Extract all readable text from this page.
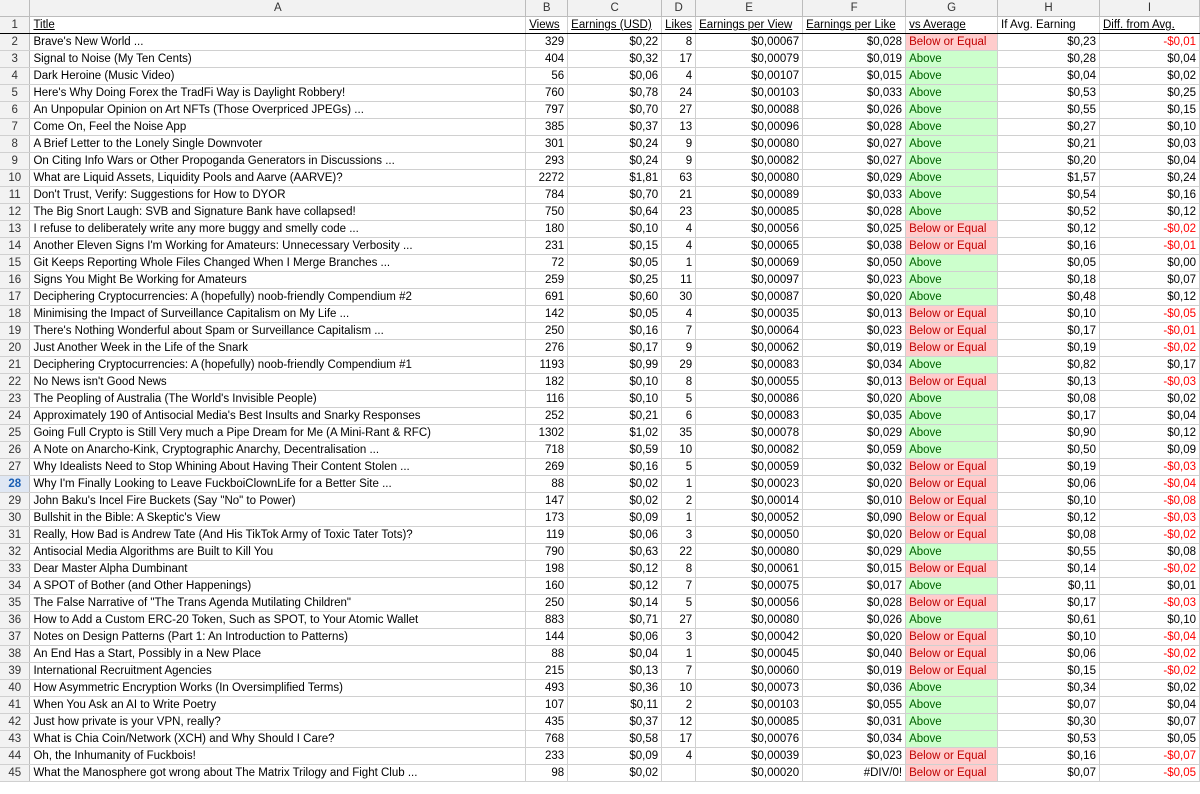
	A	B	C	D	E	F	G	H	I
1	Title	Views	Earnings (USD)	Likes	Earnings per View	Earnings per Like	vs Average	If Avg. Earning	Diff. from Avg.
2	Brave's New World ...	329	$0,22	8	$0,00067	$0,028	Below or Equal	$0,23	-$0,01
3	Signal to Noise (My Ten Cents)	404	$0,32	17	$0,00079	$0,019	Above	$0,28	$0,04
4	Dark Heroine (Music Video)	56	$0,06	4	$0,00107	$0,015	Above	$0,04	$0,02
5	Here's Why Doing Forex the TradFi Way is Daylight Robbery!	760	$0,78	24	$0,00103	$0,033	Above	$0,53	$0,25
6	An Unpopular Opinion on Art NFTs (Those Overpriced JPEGs) ...	797	$0,70	27	$0,00088	$0,026	Above	$0,55	$0,15
7	Come On, Feel the Noise App	385	$0,37	13	$0,00096	$0,028	Above	$0,27	$0,10
8	A Brief Letter to the Lonely Single Downvoter	301	$0,24	9	$0,00080	$0,027	Above	$0,21	$0,03
9	On Citing Info Wars or Other Propoganda Generators in Discussions ...	293	$0,24	9	$0,00082	$0,027	Above	$0,20	$0,04
10	What are Liquid Assets, Liquidity Pools and Aarve (AARVE)?	2272	$1,81	63	$0,00080	$0,029	Above	$1,57	$0,24
11	Don't Trust, Verify: Suggestions for How to DYOR	784	$0,70	21	$0,00089	$0,033	Above	$0,54	$0,16
12	The Big Snort Laugh: SVB and Signature Bank have collapsed!	750	$0,64	23	$0,00085	$0,028	Above	$0,52	$0,12
13	I refuse to deliberately write any more buggy and smelly code ...	180	$0,10	4	$0,00056	$0,025	Below or Equal	$0,12	-$0,02
14	Another Eleven Signs I'm Working for Amateurs: Unnecessary Verbosity ...	231	$0,15	4	$0,00065	$0,038	Below or Equal	$0,16	-$0,01
15	Git Keeps Reporting Whole Files Changed When I Merge Branches ...	72	$0,05	1	$0,00069	$0,050	Above	$0,05	$0,00
16	Signs You Might Be Working for Amateurs	259	$0,25	11	$0,00097	$0,023	Above	$0,18	$0,07
17	Deciphering Cryptocurrencies: A (hopefully) noob-friendly Compendium #2	691	$0,60	30	$0,00087	$0,020	Above	$0,48	$0,12
18	Minimising the Impact of Surveillance Capitalism on My Life ...	142	$0,05	4	$0,00035	$0,013	Below or Equal	$0,10	-$0,05
19	There's Nothing Wonderful about Spam or Surveillance Capitalism ...	250	$0,16	7	$0,00064	$0,023	Below or Equal	$0,17	-$0,01
20	Just Another Week in the Life of the Snark	276	$0,17	9	$0,00062	$0,019	Below or Equal	$0,19	-$0,02
21	Deciphering Cryptocurrencies: A (hopefully) noob-friendly Compendium #1	1193	$0,99	29	$0,00083	$0,034	Above	$0,82	$0,17
22	No News isn't Good News	182	$0,10	8	$0,00055	$0,013	Below or Equal	$0,13	-$0,03
23	The Peopling of Australia (The World's Invisible People)	116	$0,10	5	$0,00086	$0,020	Above	$0,08	$0,02
24	Approximately 190 of Antisocial Media's Best Insults and Snarky Responses	252	$0,21	6	$0,00083	$0,035	Above	$0,17	$0,04
25	Going Full Crypto is Still Very much a Pipe Dream for Me (A Mini-Rant & RFC)	1302	$1,02	35	$0,00078	$0,029	Above	$0,90	$0,12
26	A Note on Anarcho-Kink, Cryptographic Anarchy, Decentralisation ...	718	$0,59	10	$0,00082	$0,059	Above	$0,50	$0,09
27	Why Idealists Need to Stop Whining About Having Their Content Stolen ...	269	$0,16	5	$0,00059	$0,032	Below or Equal	$0,19	-$0,03
28	Why I'm Finally Looking to Leave FuckboiClownLife for a Better Site ...	88	$0,02	1	$0,00023	$0,020	Below or Equal	$0,06	-$0,04
29	John Baku's Incel Fire Buckets (Say "No" to Power)	147	$0,02	2	$0,00014	$0,010	Below or Equal	$0,10	-$0,08
30	Bullshit in the Bible: A Skeptic's View	173	$0,09	1	$0,00052	$0,090	Below or Equal	$0,12	-$0,03
31	Really, How Bad is Andrew Tate (And His TikTok Army of Toxic Tater Tots)?	119	$0,06	3	$0,00050	$0,020	Below or Equal	$0,08	-$0,02
32	Antisocial Media Algorithms are Built to Kill You	790	$0,63	22	$0,00080	$0,029	Above	$0,55	$0,08
33	Dear Master Alpha Dumbinant	198	$0,12	8	$0,00061	$0,015	Below or Equal	$0,14	-$0,02
34	A SPOT of Bother (and Other Happenings)	160	$0,12	7	$0,00075	$0,017	Above	$0,11	$0,01
35	The False Narrative of "The Trans Agenda Mutilating Children"	250	$0,14	5	$0,00056	$0,028	Below or Equal	$0,17	-$0,03
36	How to Add a Custom ERC-20 Token, Such as SPOT, to Your Atomic Wallet	883	$0,71	27	$0,00080	$0,026	Above	$0,61	$0,10
37	Notes on Design Patterns (Part 1: An Introduction to Patterns)	144	$0,06	3	$0,00042	$0,020	Below or Equal	$0,10	-$0,04
38	An End Has a Start, Possibly in a New Place	88	$0,04	1	$0,00045	$0,040	Below or Equal	$0,06	-$0,02
39	International Recruitment Agencies	215	$0,13	7	$0,00060	$0,019	Below or Equal	$0,15	-$0,02
40	How Asymmetric Encryption Works (In Oversimplified Terms)	493	$0,36	10	$0,00073	$0,036	Above	$0,34	$0,02
41	When You Ask an AI to Write Poetry	107	$0,11	2	$0,00103	$0,055	Above	$0,07	$0,04
42	Just how private is your VPN, really?	435	$0,37	12	$0,00085	$0,031	Above	$0,30	$0,07
43	What is Chia Coin/Network (XCH) and Why Should I Care?	768	$0,58	17	$0,00076	$0,034	Above	$0,53	$0,05
44	Oh, the Inhumanity of Fuckbois!	233	$0,09	4	$0,00039	$0,023	Below or Equal	$0,16	-$0,07
45	What the Manosphere got wrong about The Matrix Trilogy and Fight Club ...	98	$0,02		$0,00020	#DIV/0!	Below or Equal	$0,07	-$0,05
